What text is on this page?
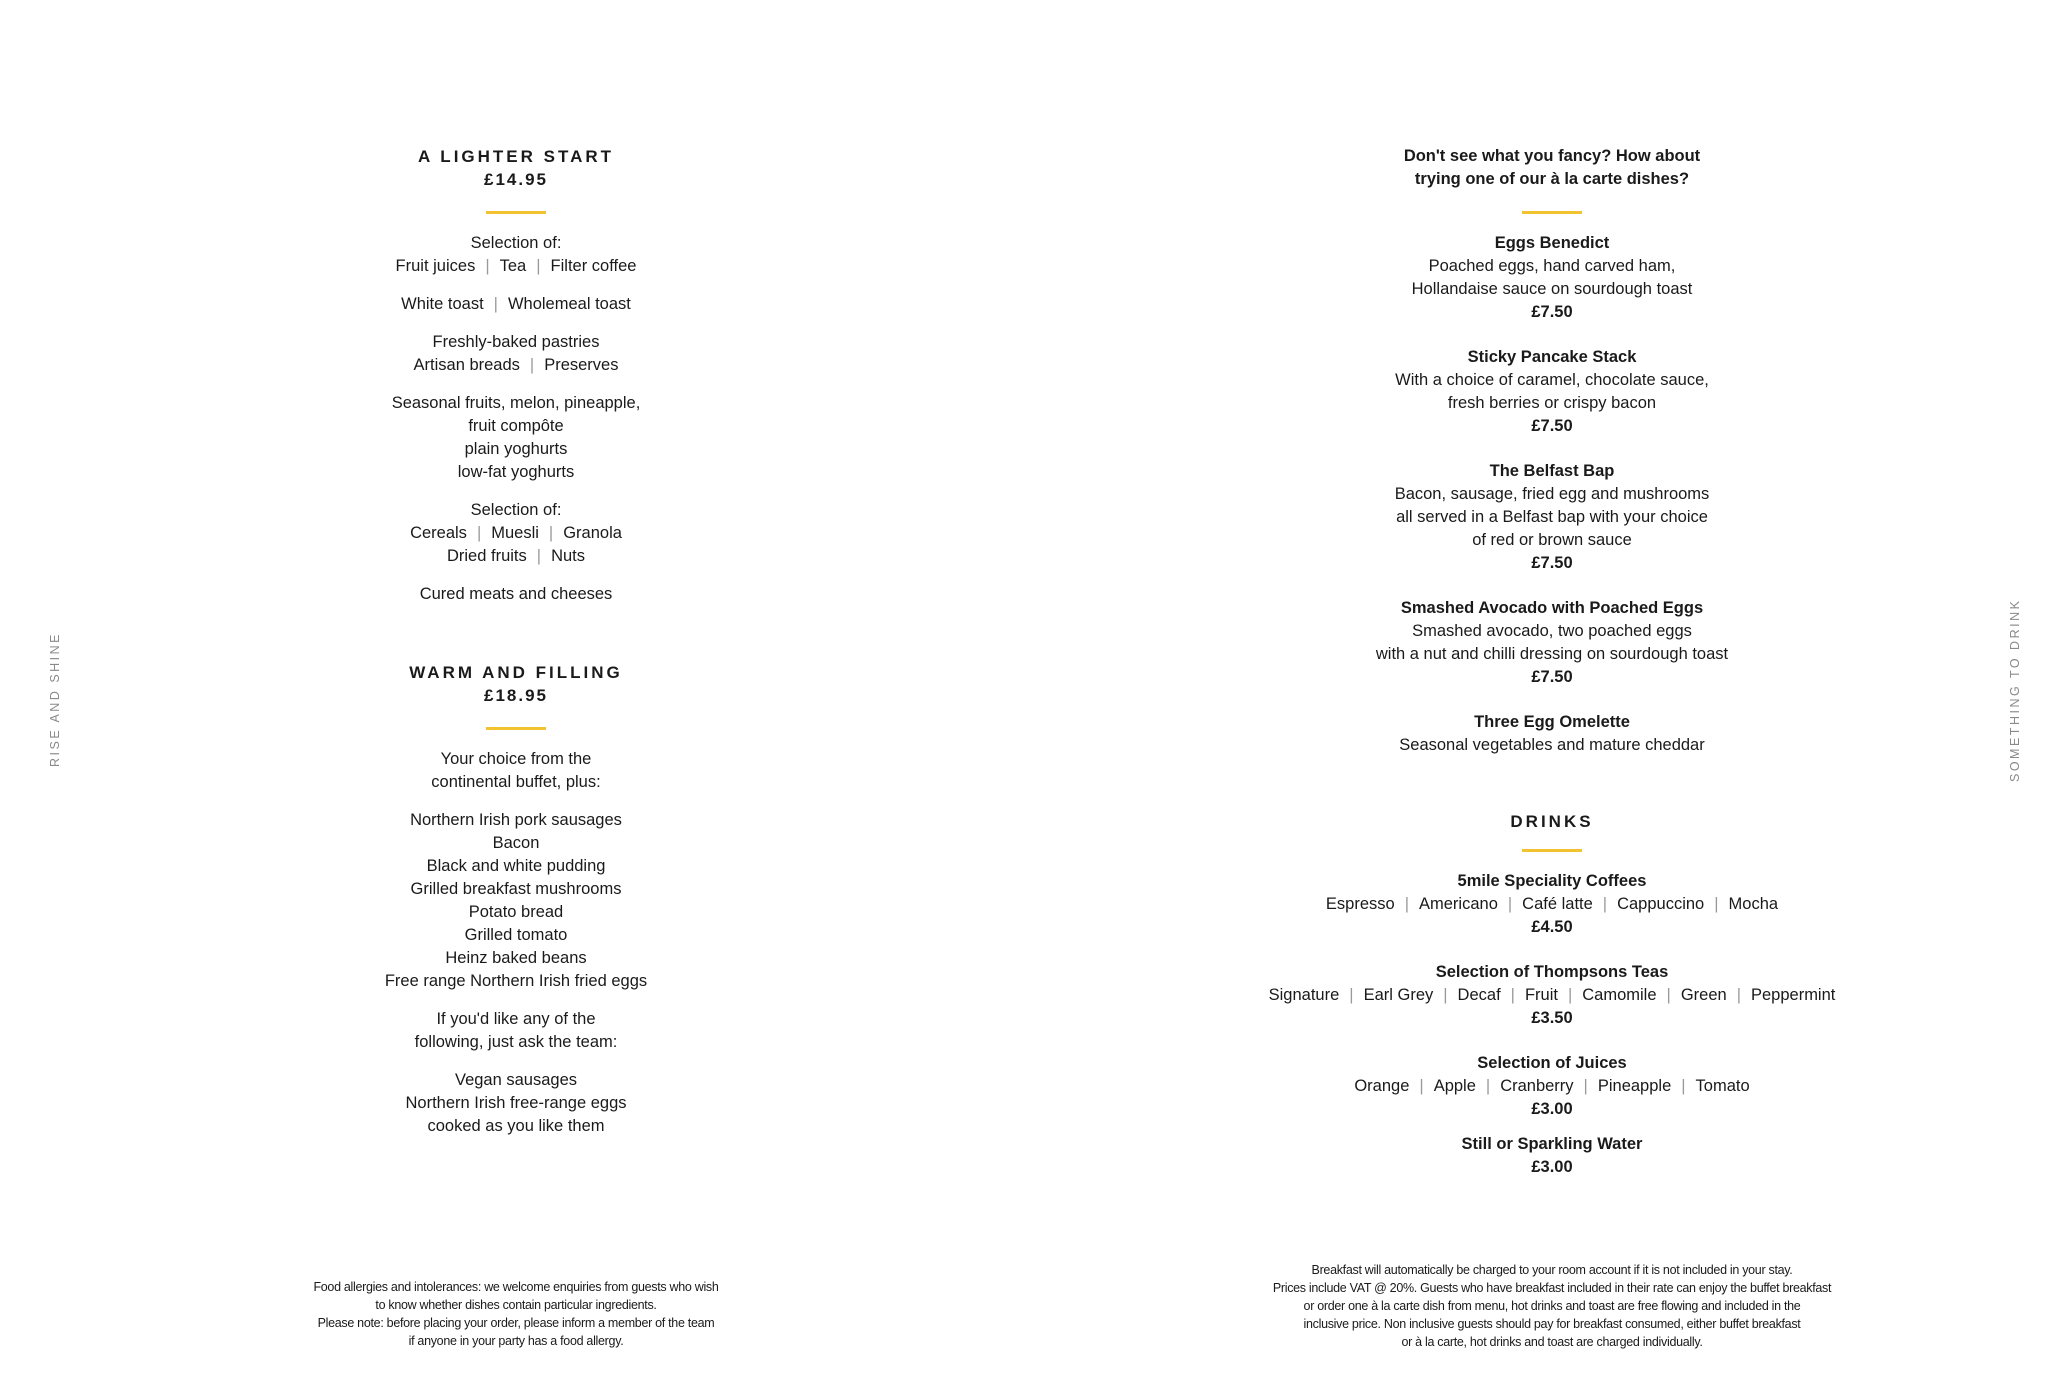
RISE AND SHINE	SOMETHING TO DRINK
A LIGHTER START
£14.95
Selection of:
Fruit juices | Tea | Filter coffee
White toast | Wholemeal toast
Freshly-baked pastries
Artisan breads | Preserves
Seasonal fruits, melon, pineapple,
fruit compôte
plain yoghurts
low-fat yoghurts
Selection of:
Cereals | Muesli | Granola
Dried fruits | Nuts
Cured meats and cheeses
WARM AND FILLING
£18.95
Your choice from the
continental buffet, plus:
Northern Irish pork sausages
Bacon
Black and white pudding
Grilled breakfast mushrooms
Potato bread
Grilled tomato
Heinz baked beans
Free range Northern Irish fried eggs
If you'd like any of the
following, just ask the team:
Vegan sausages
Northern Irish free-range eggs
cooked as you like them
Don't see what you fancy? How about
trying one of our à la carte dishes?
Eggs Benedict
Poached eggs, hand carved ham,
Hollandaise sauce on sourdough toast
£7.50
Sticky Pancake Stack
With a choice of caramel, chocolate sauce,
fresh berries or crispy bacon
£7.50
The Belfast Bap
Bacon, sausage, fried egg and mushrooms
all served in a Belfast bap with your choice
of red or brown sauce
£7.50
Smashed Avocado with Poached Eggs
Smashed avocado, two poached eggs
with a nut and chilli dressing on sourdough toast
£7.50
Three Egg Omelette
Seasonal vegetables and mature cheddar
DRINKS
5mile Speciality Coffees
Espresso | Americano | Café latte | Cappuccino | Mocha
£4.50
Selection of Thompsons Teas
Signature | Earl Grey | Decaf | Fruit | Camomile | Green | Peppermint
£3.50
Selection of Juices
Orange | Apple | Cranberry | Pineapple | Tomato
£3.00
Still or Sparkling Water
£3.00
Food allergies and intolerances: we welcome enquiries from guests who wish
to know whether dishes contain particular ingredients.
Please note: before placing your order, please inform a member of the team
if anyone in your party has a food allergy.
Breakfast will automatically be charged to your room account if it is not included in your stay.
Prices include VAT @ 20%. Guests who have breakfast included in their rate can enjoy the buffet breakfast
or order one à la carte dish from menu, hot drinks and toast are free flowing and included in the
inclusive price. Non inclusive guests should pay for breakfast consumed, either buffet breakfast
or à la carte, hot drinks and toast are charged individually.
